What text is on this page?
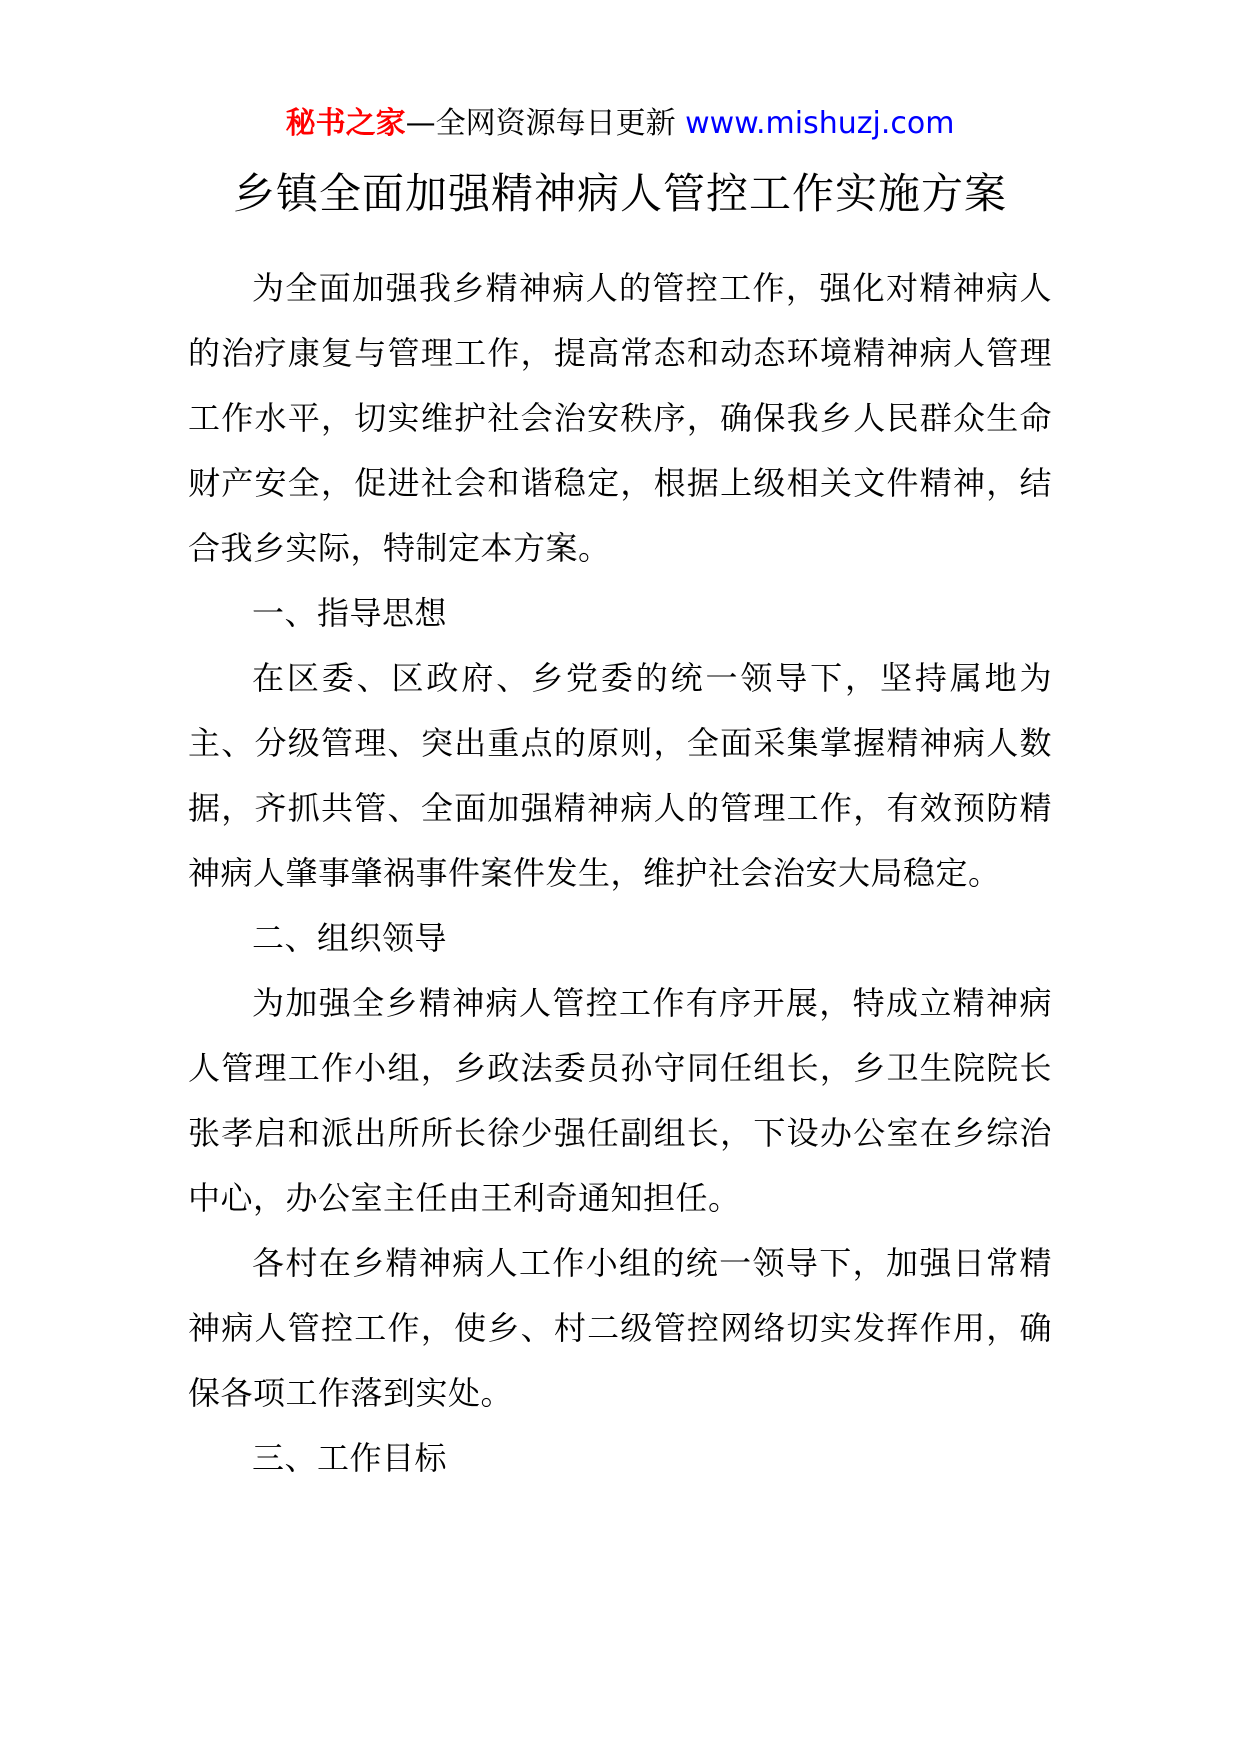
秘书之家—全网资源每日更新 www.mishuzj.com
乡镇全面加强精神病人管控工作实施方案

为全面加强我乡精神病人的管控工作，强化对精神病人的治疗康复与管理工作，提高常态和动态环境精神病人管理工作水平，切实维护社会治安秩序，确保我乡人民群众生命财产安全，促进社会和谐稳定，根据上级相关文件精神，结合我乡实际，特制定本方案。

一、指导思想

在区委、区政府、乡党委的统一领导下，坚持属地为主、分级管理、突出重点的原则，全面采集掌握精神病人数据，齐抓共管、全面加强精神病人的管理工作，有效预防精神病人肇事肇祸事件案件发生，维护社会治安大局稳定。

二、组织领导

为加强全乡精神病人管控工作有序开展，特成立精神病人管理工作小组，乡政法委员孙守同任组长，乡卫生院院长张孝启和派出所所长徐少强任副组长，下设办公室在乡综治中心，办公室主任由王利奇通知担任。

各村在乡精神病人工作小组的统一领导下，加强日常精神病人管控工作，使乡、村二级管控网络切实发挥作用，确保各项工作落到实处。

三、工作目标
